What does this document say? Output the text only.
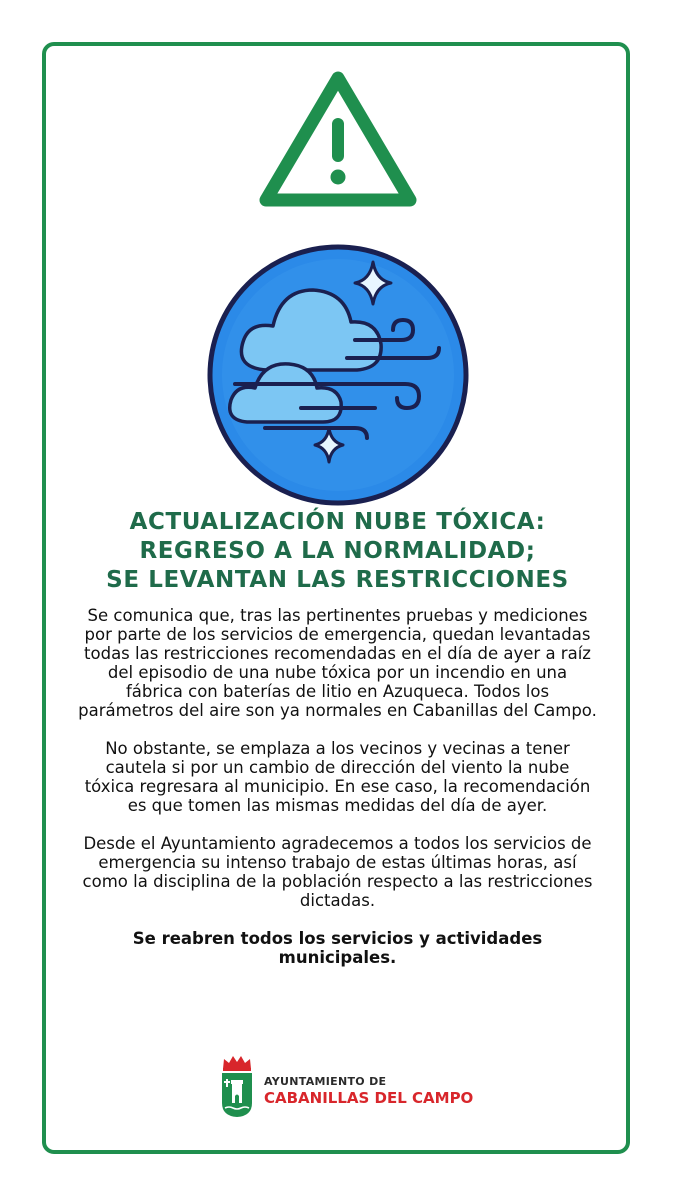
ACTUALIZACIÓN NUBE TÓXICA:
REGRESO A LA NORMALIDAD;
SE LEVANTAN LAS RESTRICCIONES

Se comunica que, tras las pertinentes pruebas y mediciones
por parte de los servicios de emergencia, quedan levantadas
todas las restricciones recomendadas en el día de ayer a raíz
del episodio de una nube tóxica por un incendio en una
fábrica con baterías de litio en Azuqueca. Todos los
parámetros del aire son ya normales en Cabanillas del Campo.

No obstante, se emplaza a los vecinos y vecinas a tener
cautela si por un cambio de dirección del viento la nube
tóxica regresara al municipio. En ese caso, la recomendación
es que tomen las mismas medidas del día de ayer.

Desde el Ayuntamiento agradecemos a todos los servicios de
emergencia su intenso trabajo de estas últimas horas, así
como la disciplina de la población respecto a las restricciones
dictadas.

Se reabren todos los servicios y actividades
municipales.

AYUNTAMIENTO DE
CABANILLAS DEL CAMPO
